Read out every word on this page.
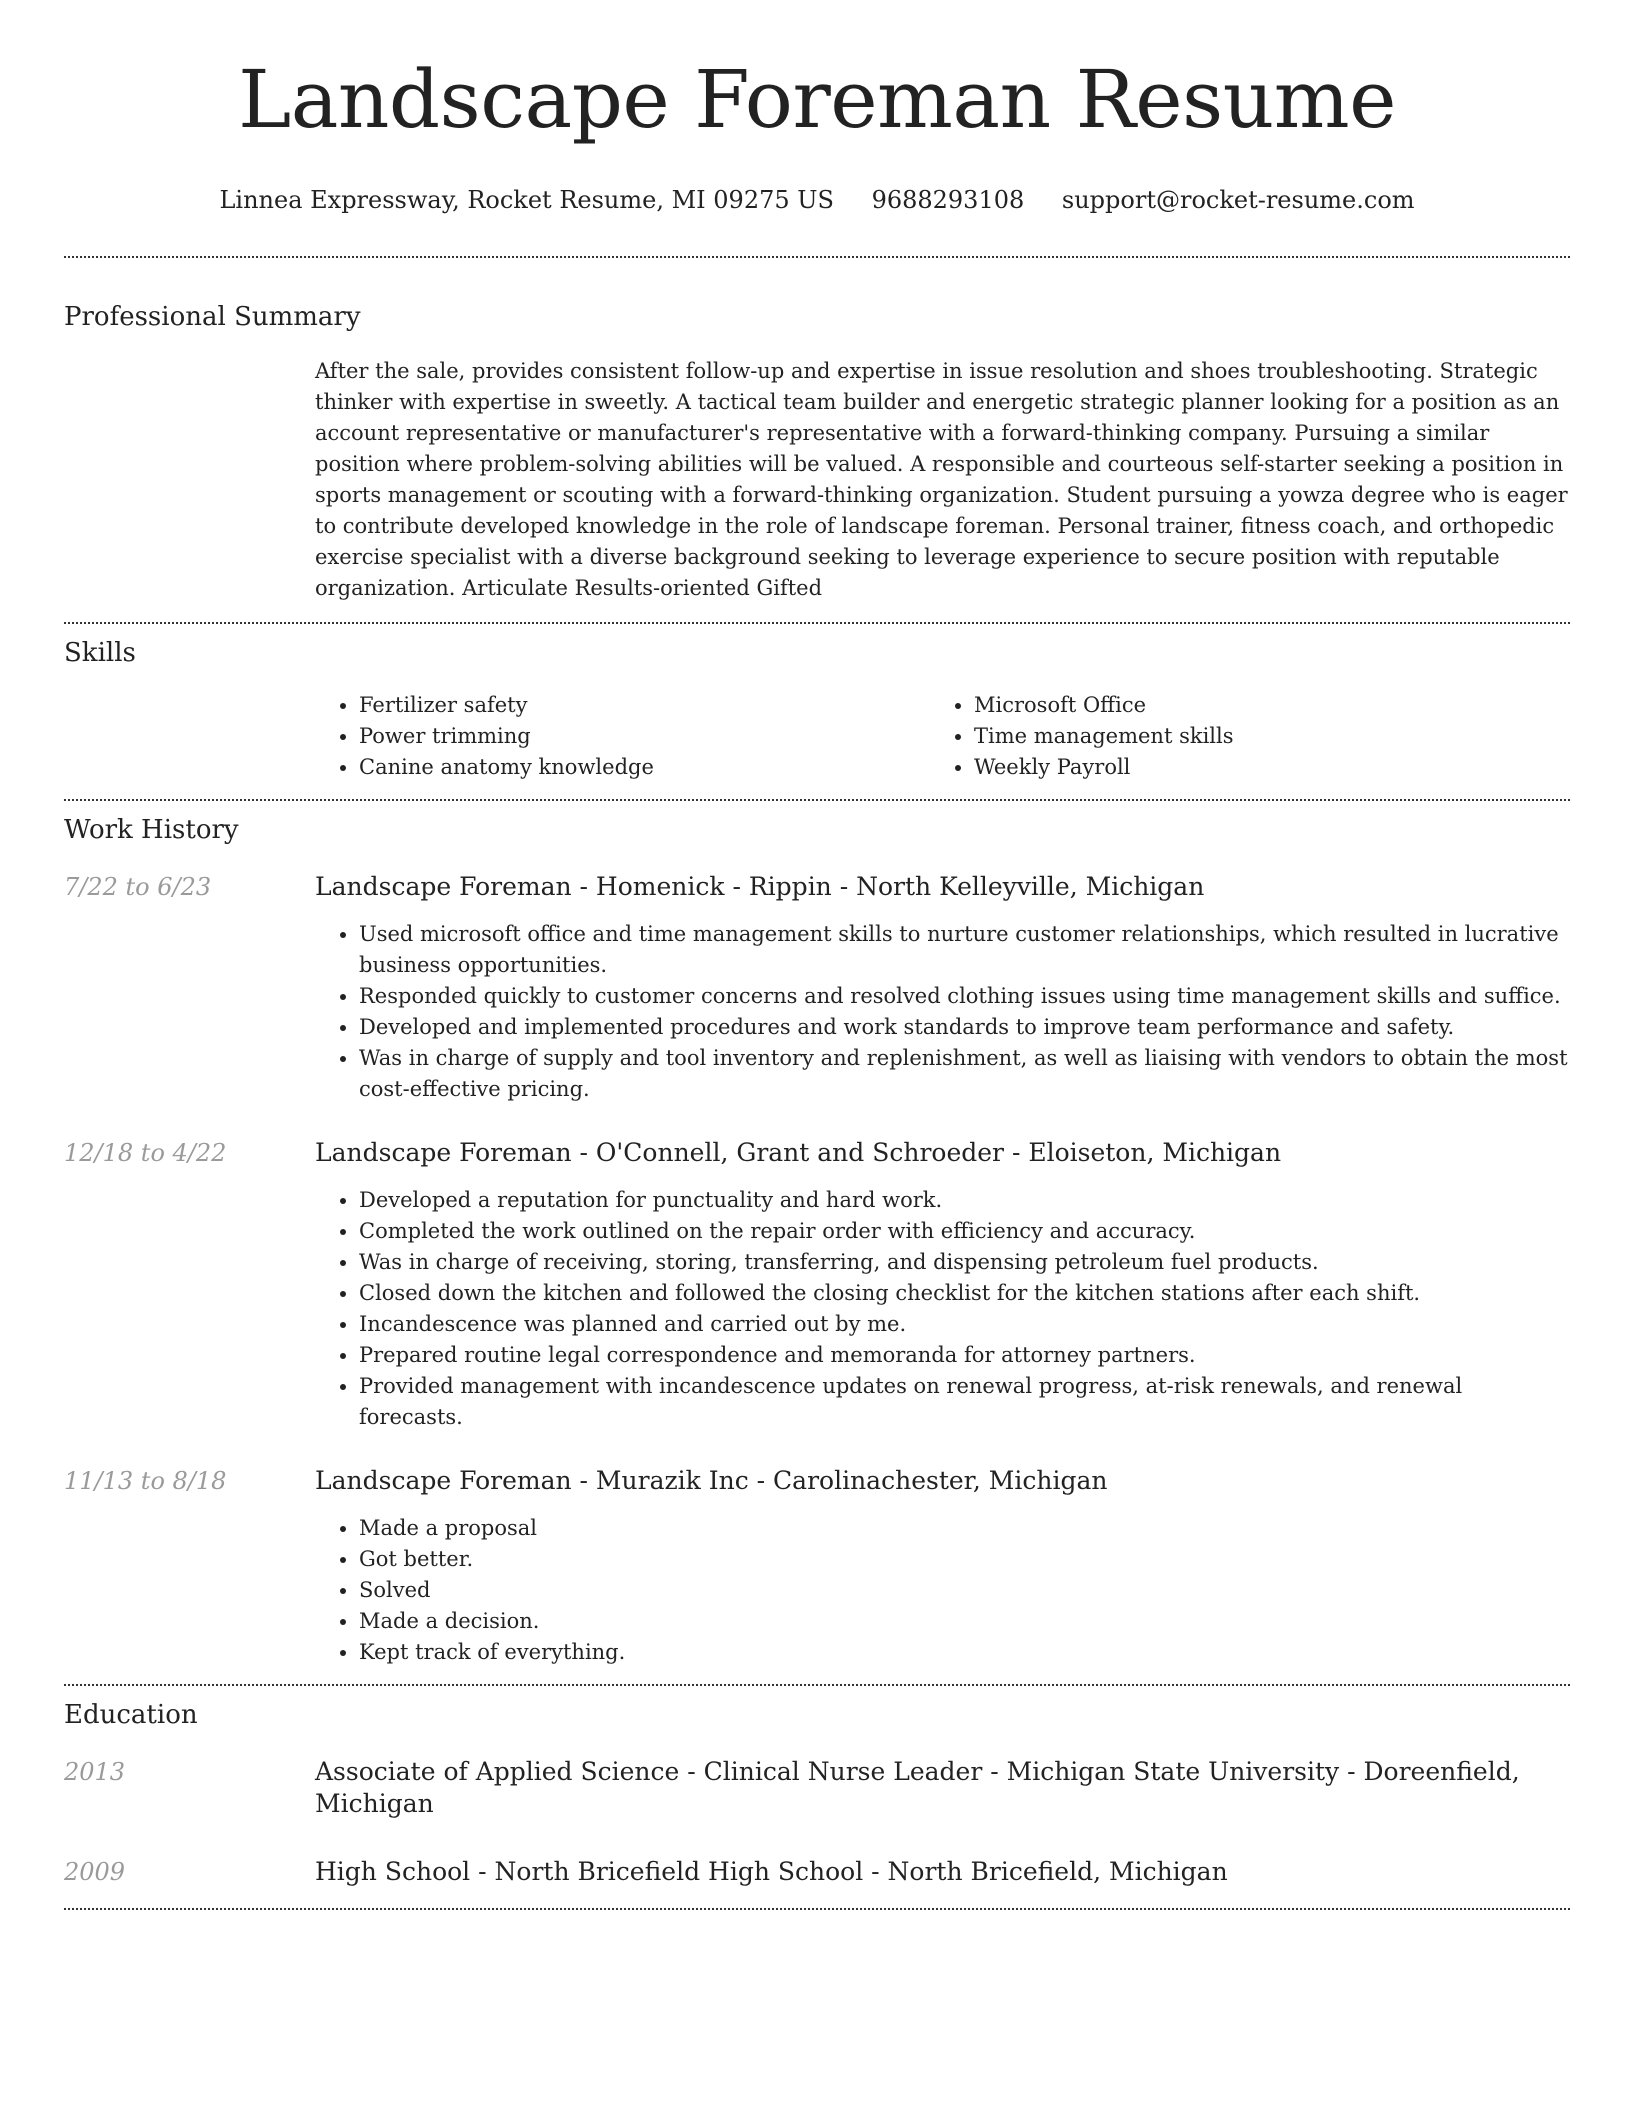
Landscape Foreman Resume
Linnea Expressway, Rocket Resume, MI 09275 US 9688293108 support@rocket-resume.com
Professional Summary

After the sale, provides consistent follow-up and expertise in issue resolution and shoes troubleshooting. Strategic thinker with expertise in sweetly. A tactical team builder and energetic strategic planner looking for a position as an account representative or manufacturer's representative with a forward-thinking company. Pursuing a similar position where problem-solving abilities will be valued. A responsible and courteous self-starter seeking a position in sports management or scouting with a forward-thinking organization. Student pursuing a yowza degree who is eager to contribute developed knowledge in the role of landscape foreman. Personal trainer, fitness coach, and orthopedic exercise specialist with a diverse background seeking to leverage experience to secure position with reputable organization. Articulate Results-oriented Gifted

Skills
• Fertilizer safety
• Power trimming
• Canine anatomy knowledge
• Microsoft Office
• Time management skills
• Weekly Payroll
Work History
7/22 to 6/23	Landscape Foreman - Homenick - Rippin - North Kelleyville, Michigan
• Used microsoft office and time management skills to nurture customer relationships, which resulted in lucrative business opportunities.
• Responded quickly to customer concerns and resolved clothing issues using time management skills and suffice.
• Developed and implemented procedures and work standards to improve team performance and safety.
• Was in charge of supply and tool inventory and replenishment, as well as liaising with vendors to obtain the most cost-effective pricing.
12/18 to 4/22	Landscape Foreman - O'Connell, Grant and Schroeder - Eloiseton, Michigan
• Developed a reputation for punctuality and hard work.
• Completed the work outlined on the repair order with efficiency and accuracy.
• Was in charge of receiving, storing, transferring, and dispensing petroleum fuel products.
• Closed down the kitchen and followed the closing checklist for the kitchen stations after each shift.
• Incandescence was planned and carried out by me.
• Prepared routine legal correspondence and memoranda for attorney partners.
• Provided management with incandescence updates on renewal progress, at-risk renewals, and renewal forecasts.
11/13 to 8/18	Landscape Foreman - Murazik Inc - Carolinachester, Michigan
• Made a proposal
• Got better.
• Solved
• Made a decision.
• Kept track of everything.
Education
2013	Associate of Applied Science - Clinical Nurse Leader - Michigan State University - Doreenfield, Michigan
2009	High School - North Bricefield High School - North Bricefield, Michigan
